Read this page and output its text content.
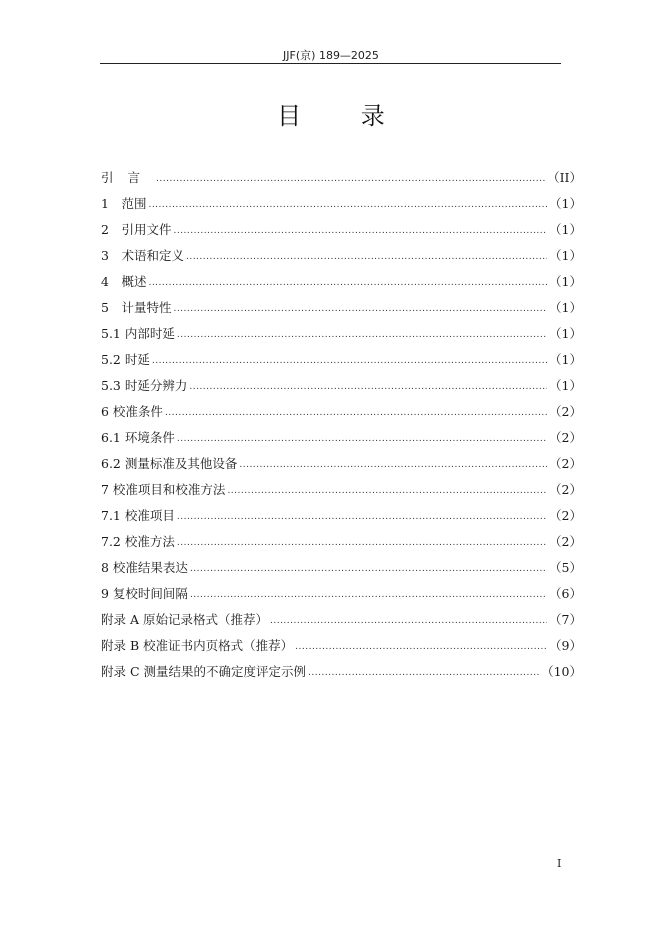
JJF(京) 189—2025
目 录
引言 .....	（II）
1　范围 .....	（1）
2　引用文件 .....	（1）
3　术语和定义 .....	（1）
4　概述 .....	（1）
5　计量特性 .....	（1）
5.1 内部时延 .....	（1）
5.2 时延 .....	（1）
5.3 时延分辨力 .....	（1）
6 校准条件 .....	（2）
6.1 环境条件 .....	（2）
6.2 测量标准及其他设备 .....	（2）
7 校准项目和校准方法 .....	（2）
7.1 校准项目 .....	（2）
7.2 校准方法 .....	（2）
8 校准结果表达 .....	（5）
9 复校时间间隔 .....	（6）
附录 A 原始记录格式（推荐） .....	（7）
附录 B 校准证书内页格式（推荐） .....	（9）
附录 C 测量结果的不确定度评定示例 .....	（10）
I
